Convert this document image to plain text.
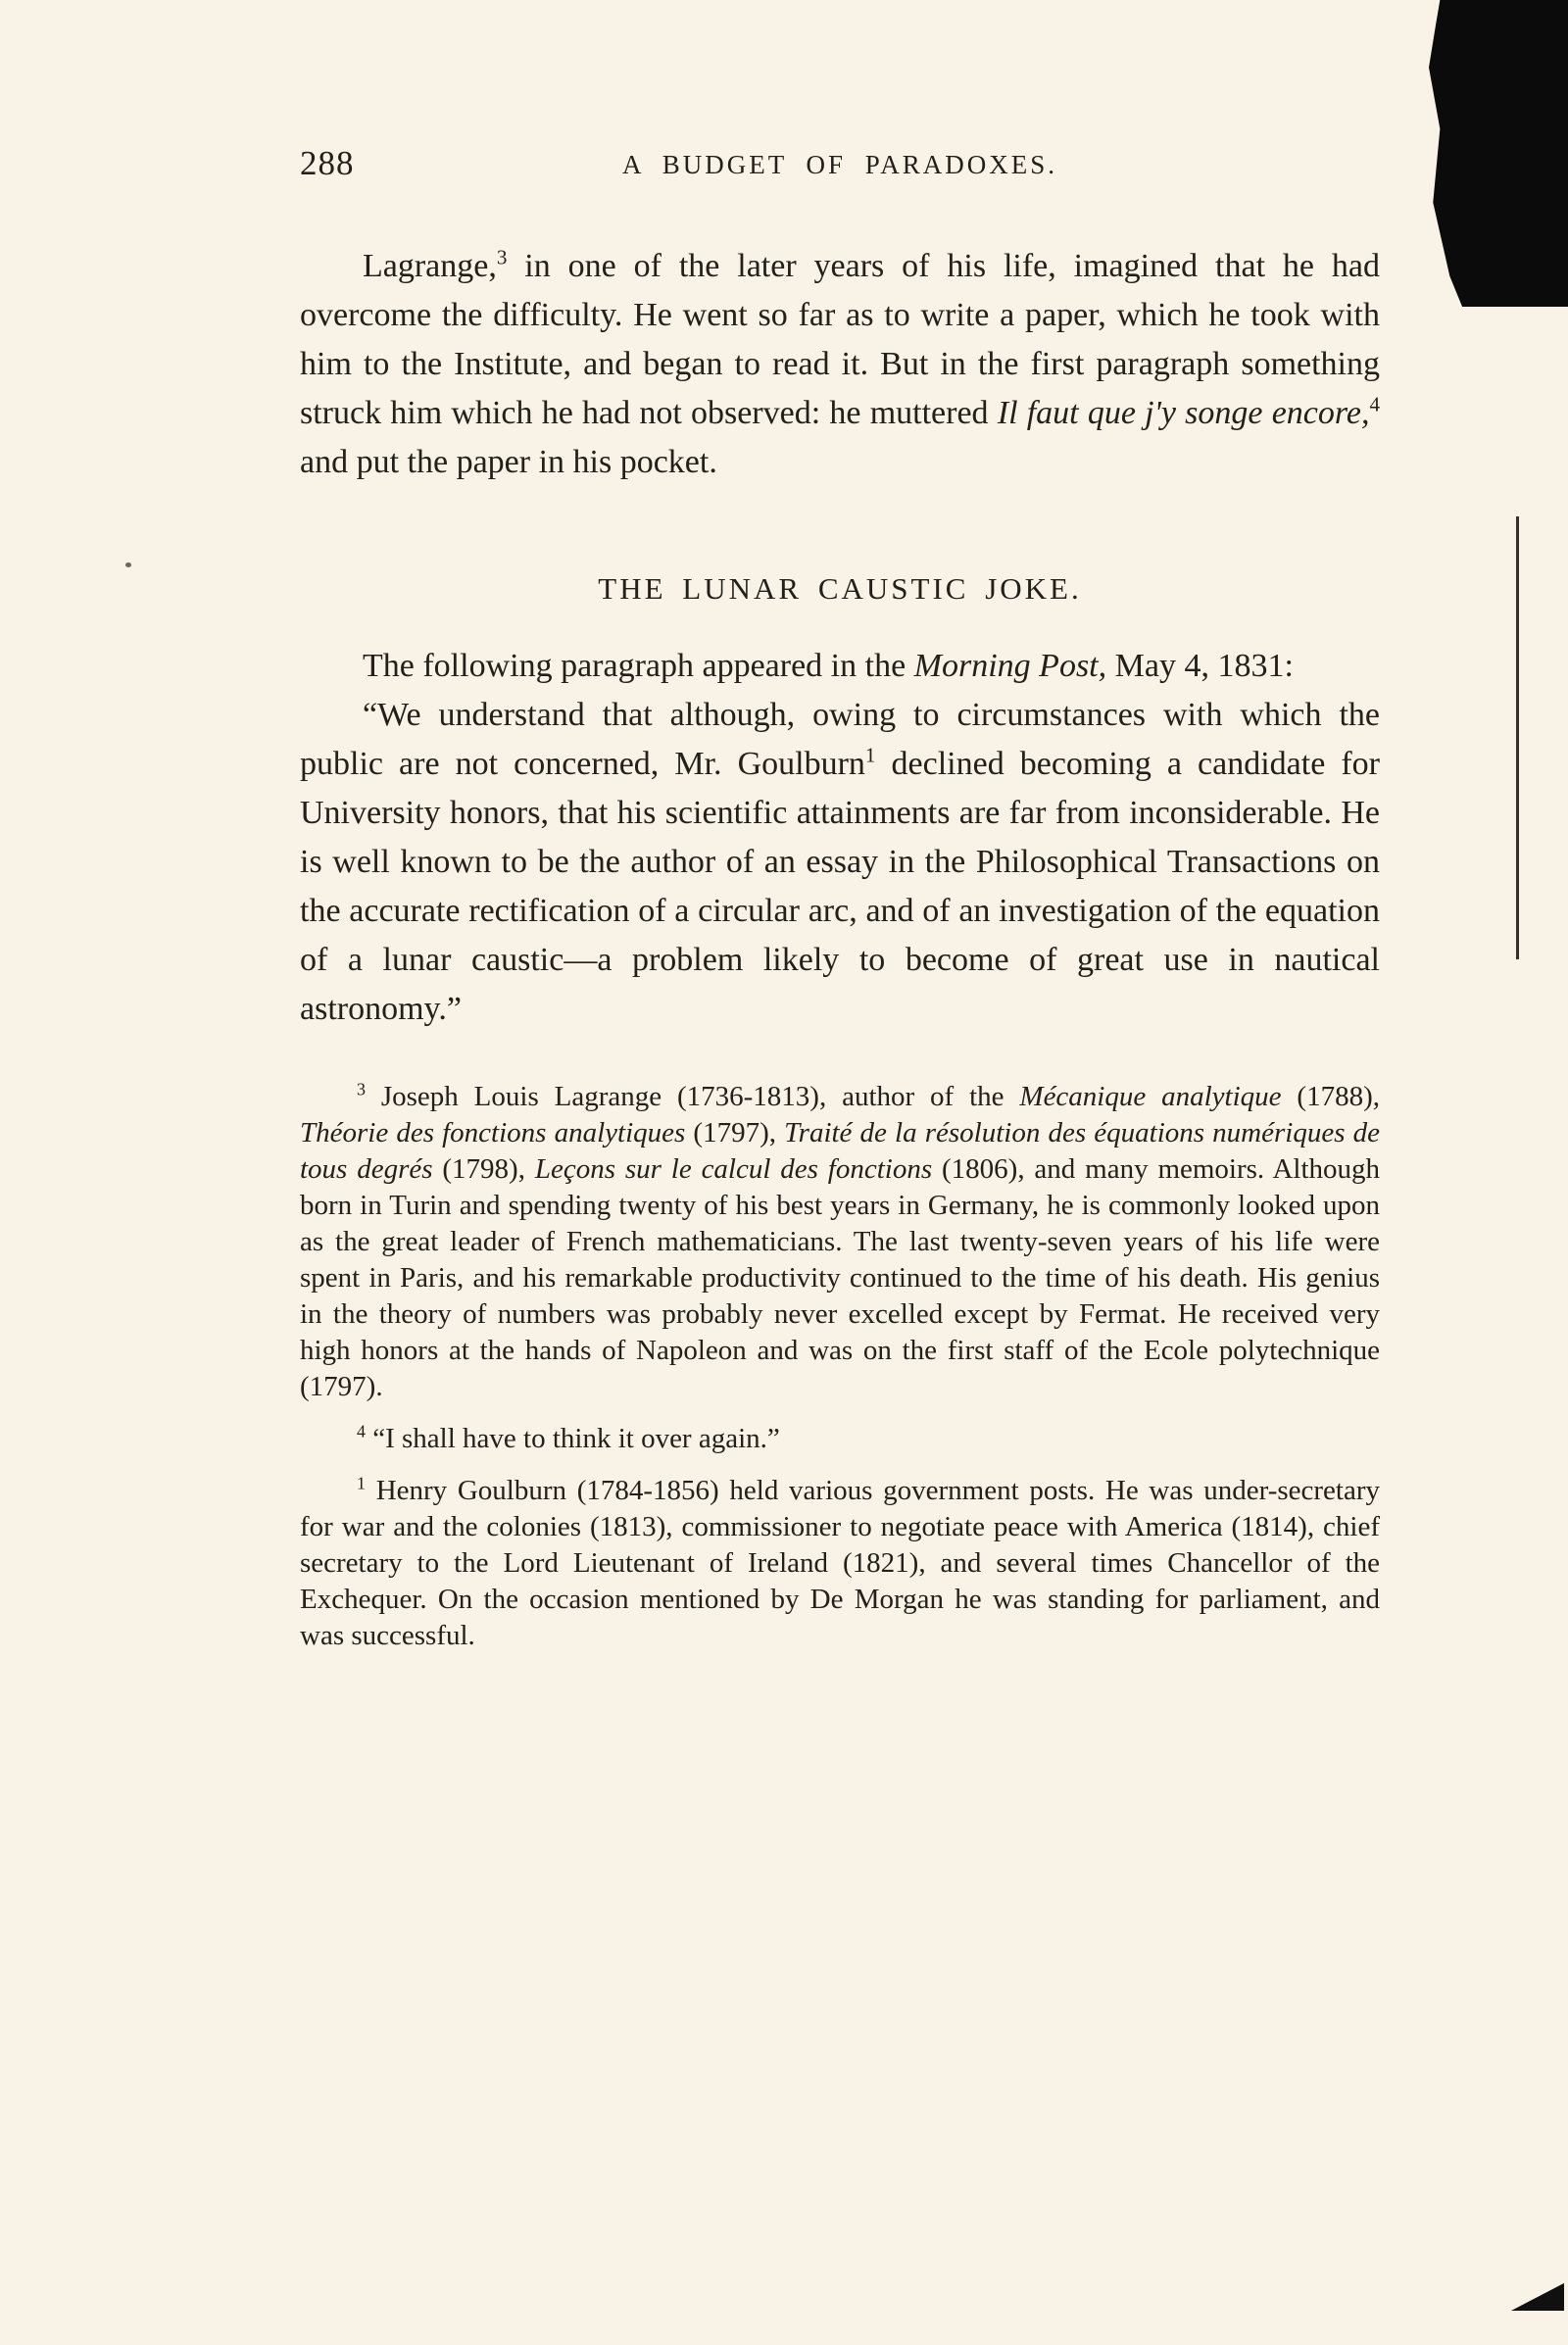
288	A BUDGET OF PARADOXES.

Lagrange,$^3$ in one of the later years of his life, imagined that he had overcome the difficulty. He went so far as to write a paper, which he took with him to the Institute, and began to read it. But in the first paragraph something struck him which he had not observed: he muttered Il faut que j'y songe encore,$^4$ and put the paper in his pocket.

THE LUNAR CAUSTIC JOKE.

The following paragraph appeared in the Morning Post, May 4, 1831:

“We understand that although, owing to circumstances with which the public are not concerned, Mr. Goulburn$^1$ declined becoming a candidate for University honors, that his scientific attainments are far from inconsiderable. He is well known to be the author of an essay in the Philosophical Transactions on the accurate rectification of a circular arc, and of an investigation of the equation of a lunar caustic—a problem likely to become of great use in nautical astronomy.”

$^3$ Joseph Louis Lagrange (1736-1813), author of the Mécanique analytique (1788), Théorie des fonctions analytiques (1797), Traité de la résolution des équations numériques de tous degrés (1798), Leçons sur le calcul des fonctions (1806), and many memoirs. Although born in Turin and spending twenty of his best years in Germany, he is commonly looked upon as the great leader of French mathematicians. The last twenty-seven years of his life were spent in Paris, and his remarkable productivity continued to the time of his death. His genius in the theory of numbers was probably never excelled except by Fermat. He received very high honors at the hands of Napoleon and was on the first staff of the Ecole polytechnique (1797).

$^4$ “I shall have to think it over again.”

$^1$ Henry Goulburn (1784-1856) held various government posts. He was under-secretary for war and the colonies (1813), commissioner to negotiate peace with America (1814), chief secretary to the Lord Lieutenant of Ireland (1821), and several times Chancellor of the Exchequer. On the occasion mentioned by De Morgan he was standing for parliament, and was successful.
